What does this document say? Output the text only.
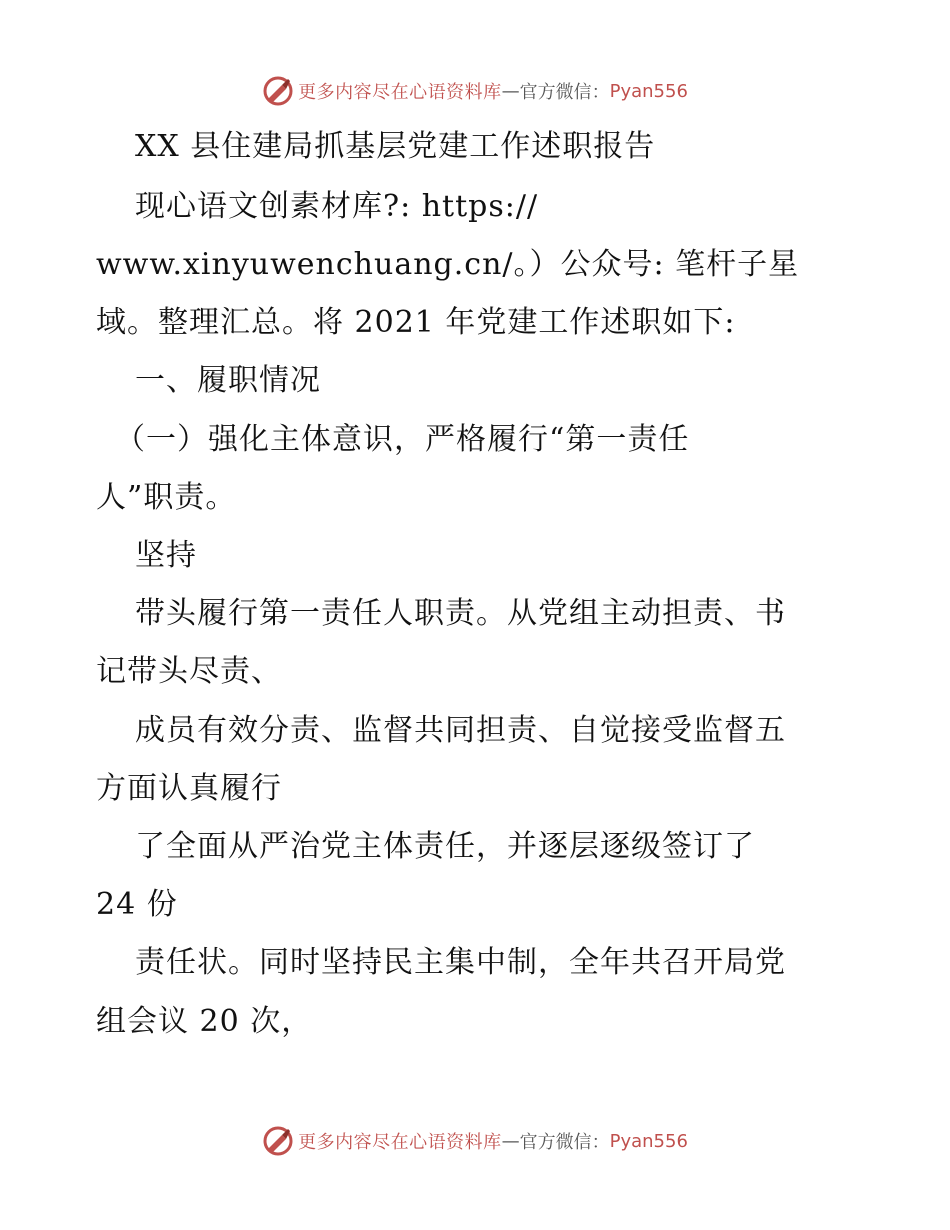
更多内容尽在心语资料库 — 官方微信： Pyan556
XX 县住建局抓基层党建工作述职报告
现心语文创素材库?: https://
www.xinyuwenchuang.cn/。）公众号: 笔杆子星
域。整理汇总。将 2021 年党建工作述职如下:
一、履职情况
（一）强化主体意识，严格履行“第一责任
人”职责。
坚持
带头履行第一责任人职责。从党组主动担责、书
记带头尽责、
成员有效分责、监督共同担责、自觉接受监督五
方面认真履行
了全面从严治党主体责任，并逐层逐级签订了
24 份
责任状。同时坚持民主集中制，全年共召开局党
组会议 20 次，
更多内容尽在心语资料库 — 官方微信： Pyan556
